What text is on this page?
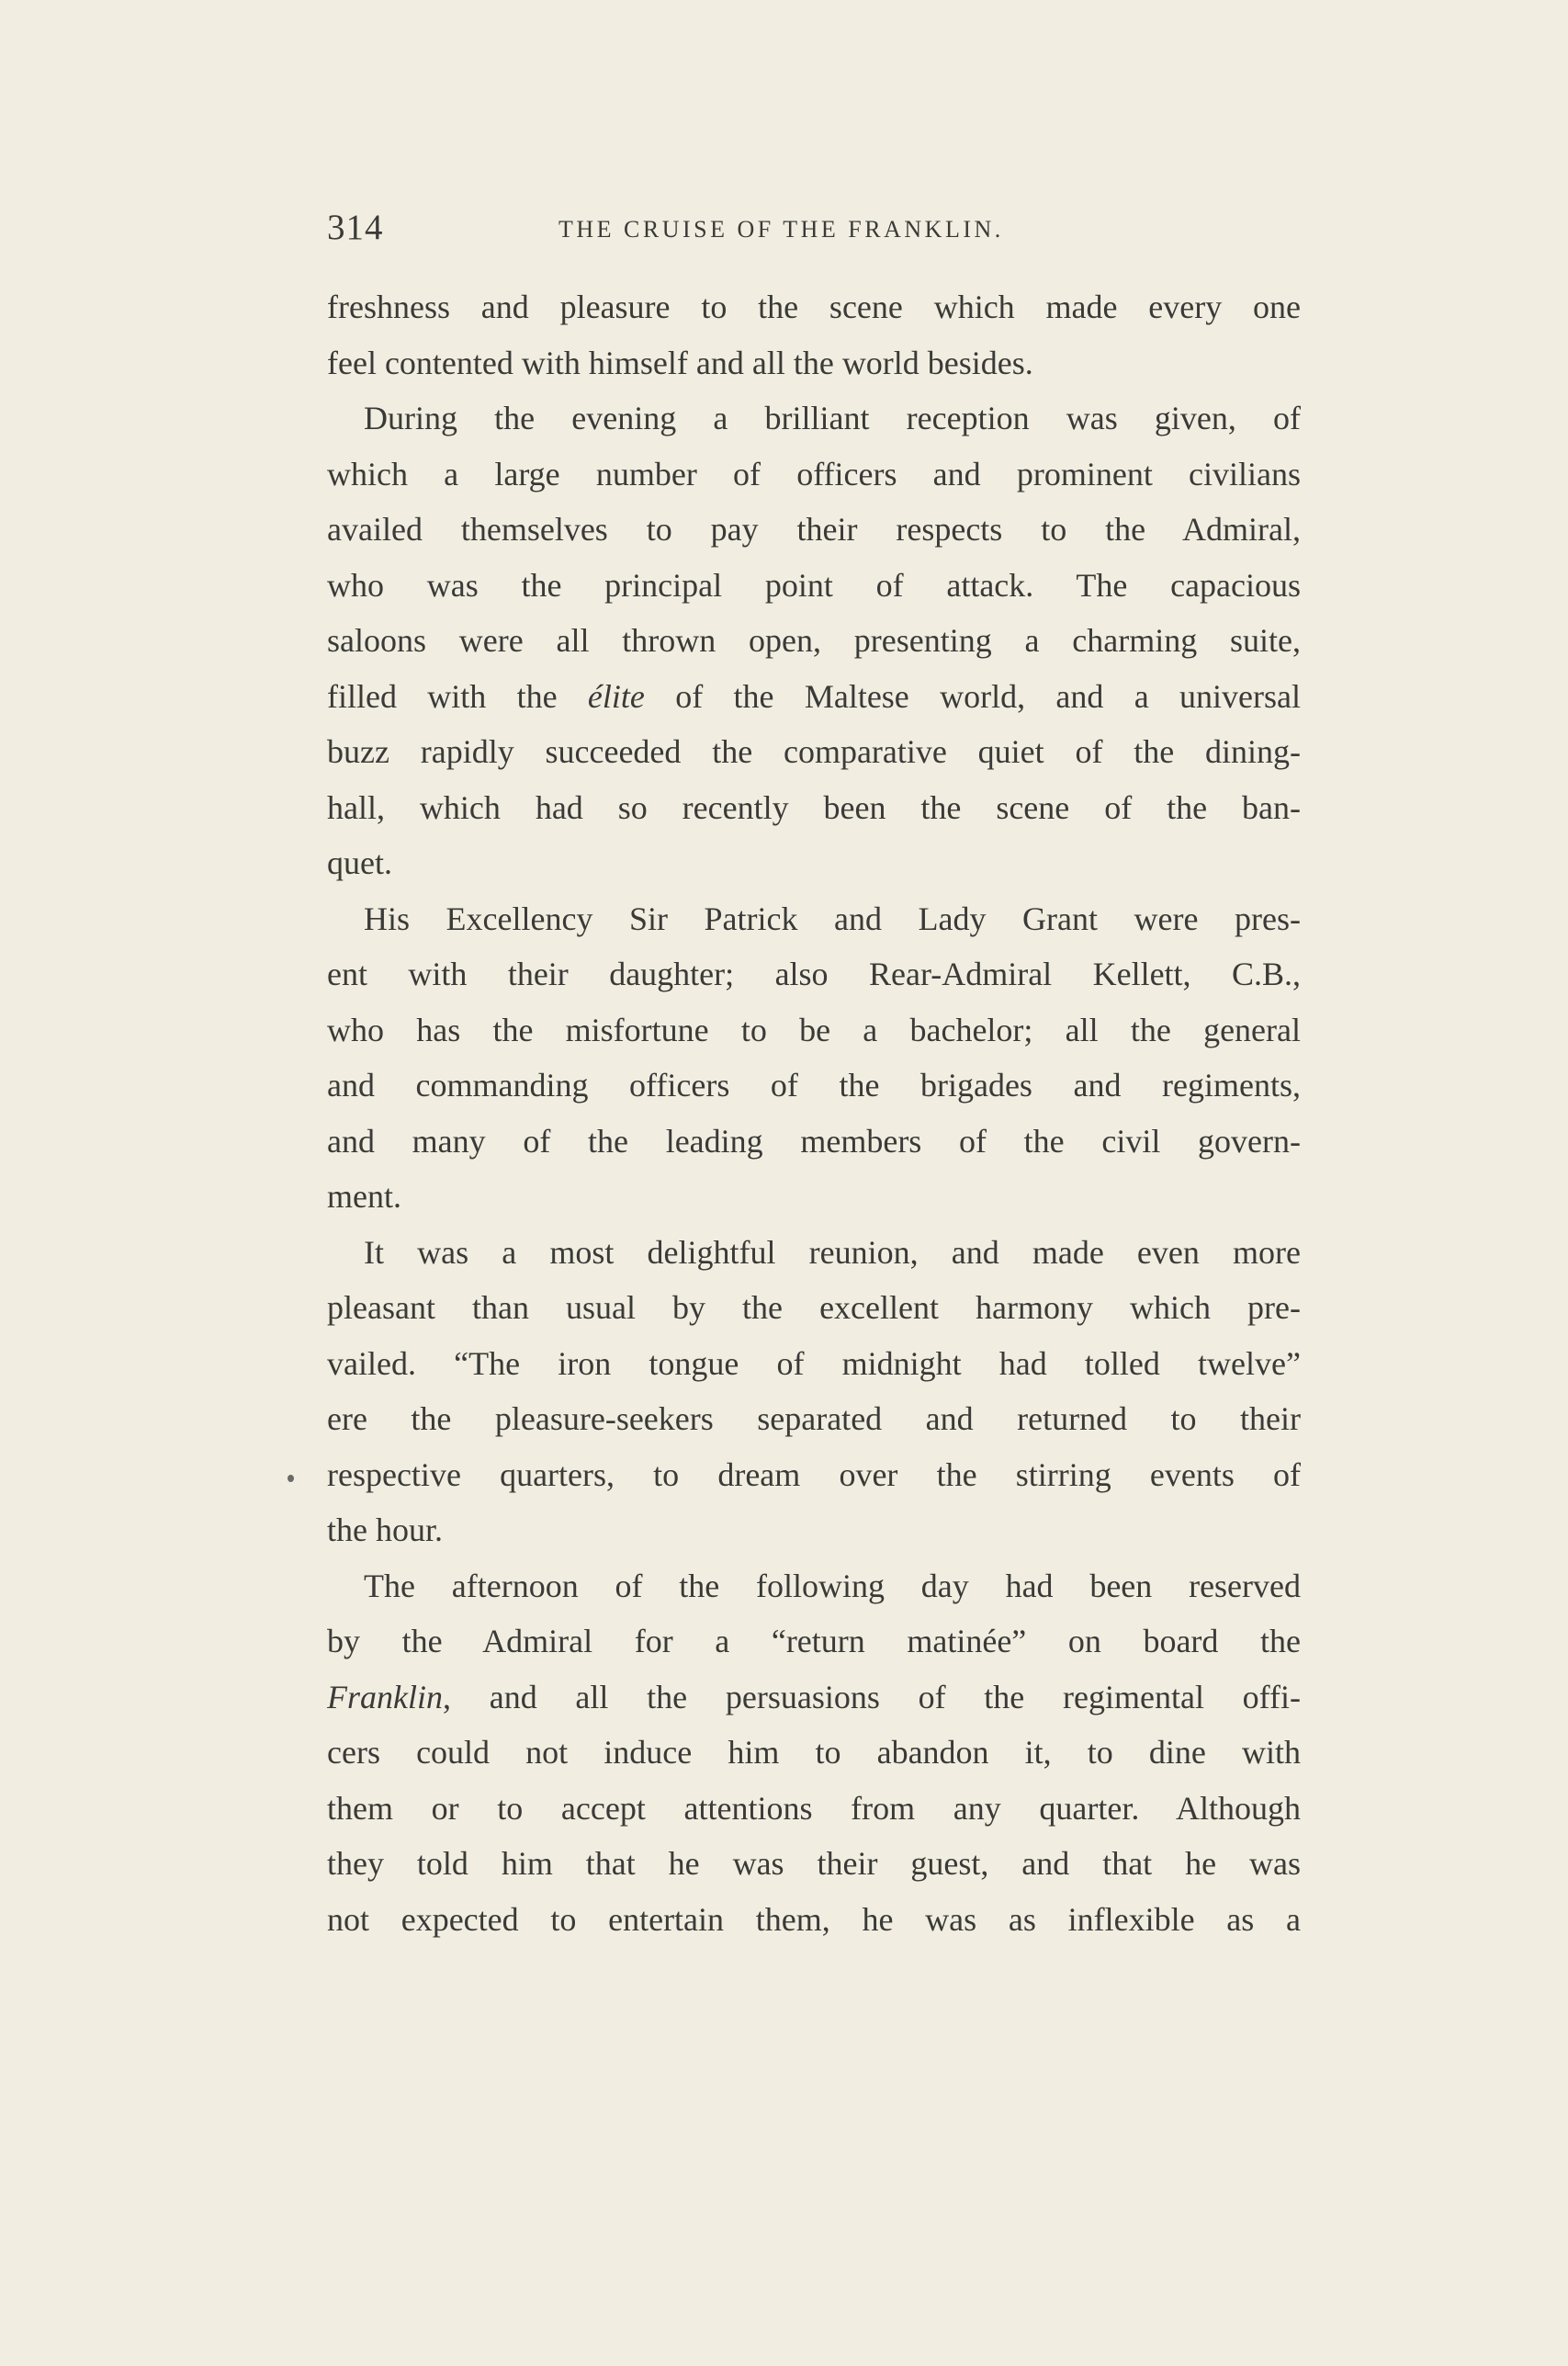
314	THE CRUISE OF THE FRANKLIN.
freshness and pleasure to the scene which made every one
feel contented with himself and all the world besides.
During the evening a brilliant reception was given, of
which a large number of officers and prominent civilians
availed themselves to pay their respects to the Admiral,
who was the principal point of attack. The capacious
saloons were all thrown open, presenting a charming suite,
filled with the élite of the Maltese world, and a universal
buzz rapidly succeeded the comparative quiet of the dining-
hall, which had so recently been the scene of the ban-
quet.
His Excellency Sir Patrick and Lady Grant were pres-
ent with their daughter; also Rear-Admiral Kellett, C.B.,
who has the misfortune to be a bachelor; all the general
and commanding officers of the brigades and regiments,
and many of the leading members of the civil govern-
ment.
It was a most delightful reunion, and made even more
pleasant than usual by the excellent harmony which pre-
vailed. “The iron tongue of midnight had tolled twelve”
ere the pleasure-seekers separated and returned to their
respective quarters, to dream over the stirring events of
the hour.
The afternoon of the following day had been reserved
by the Admiral for a “return matinée” on board the
Franklin, and all the persuasions of the regimental offi-
cers could not induce him to abandon it, to dine with
them or to accept attentions from any quarter. Although
they told him that he was their guest, and that he was
not expected to entertain them, he was as inflexible as a
